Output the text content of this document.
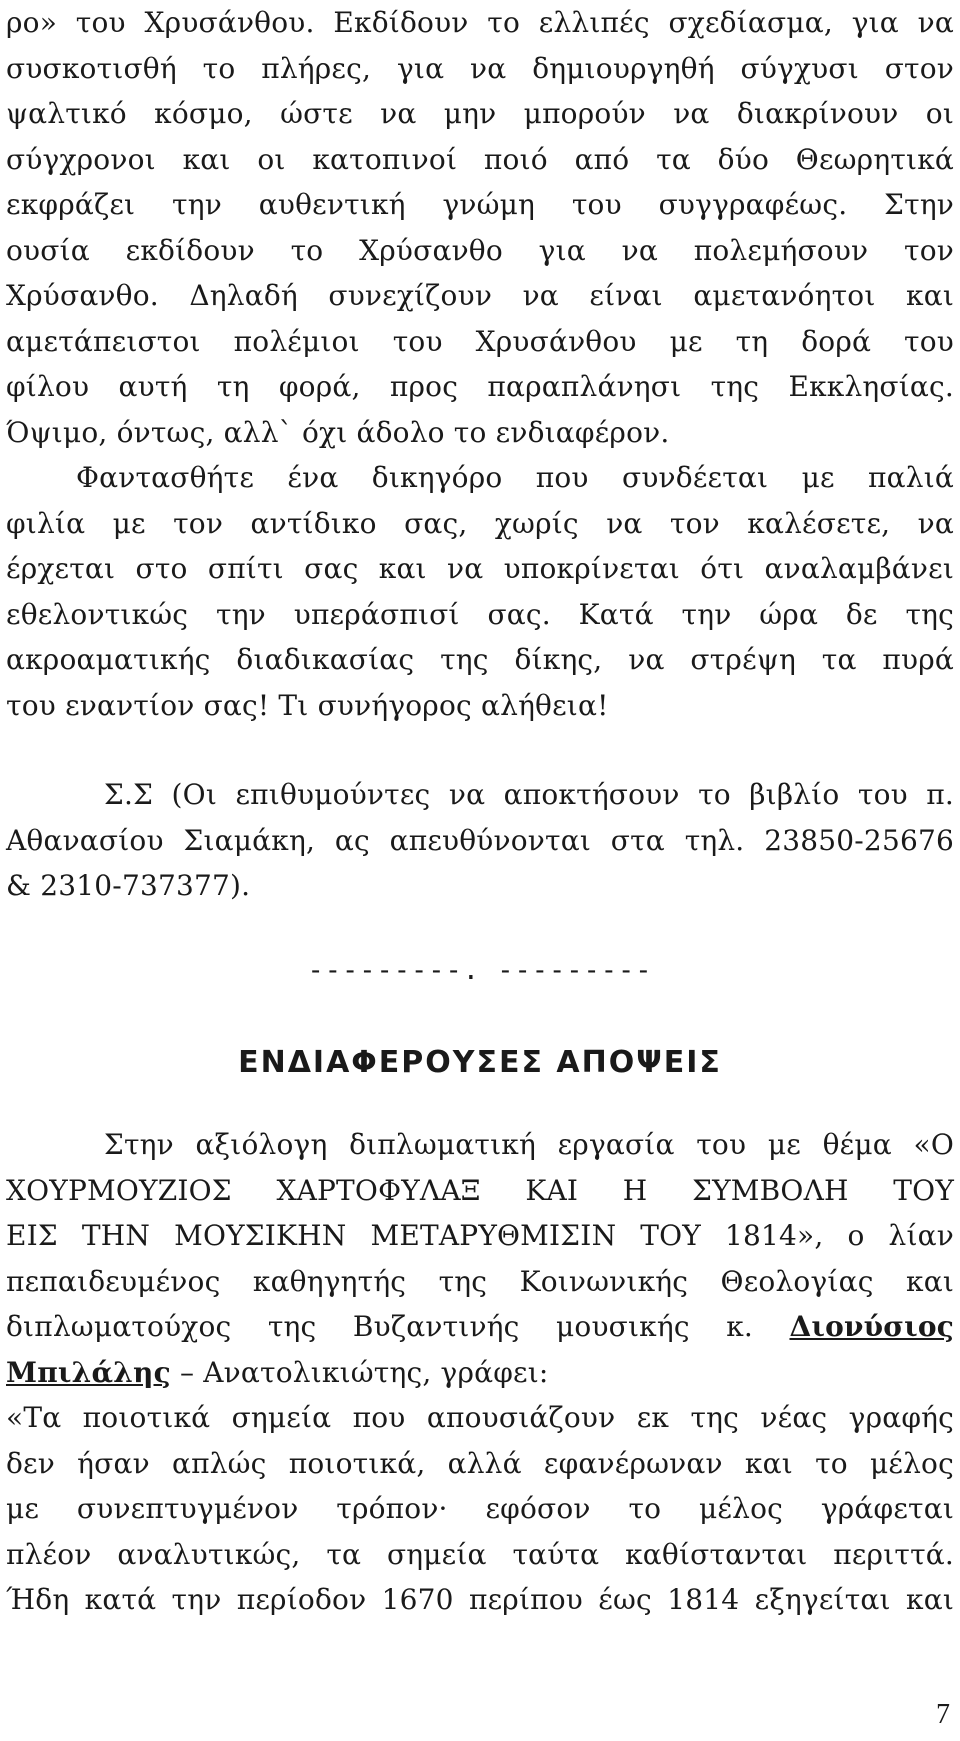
ρο» του Χρυσάνθου. Εκδίδουν το ελλιπές σχεδίασμα, για να
συσκοτισθή το πλήρες, για να δημιουργηθή σύγχυσι στον
ψαλτικό κόσμο, ώστε να μην μπορούν να διακρίνουν οι
σύγχρονοι και οι κατοπινοί ποιό από τα δύο Θεωρητικά
εκφράζει την αυθεντική γνώμη του συγγραφέως. Στην
ουσία εκδίδουν το Χρύσανθο για να πολεμήσουν τον
Χρύσανθο. Δηλαδή συνεχίζουν να είναι αμετανόητοι και
αμετάπειστοι πολέμιοι του Χρυσάνθου με τη δορά του
φίλου αυτή τη φορά, προς παραπλάνησι της Εκκλησίας.
Όψιμο, όντως, αλλ` όχι άδολο το ενδιαφέρον.
Φαντασθήτε ένα δικηγόρο που συνδέεται με παλιά
φιλία με τον αντίδικο σας, χωρίς να τον καλέσετε, να
έρχεται στο σπίτι σας και να υποκρίνεται ότι αναλαμβάνει
εθελοντικώς την υπεράσπισί σας. Κατά την ώρα δε της
ακροαματικής διαδικασίας της δίκης, να στρέψη τα πυρά
του εναντίον σας! Τι συνήγορος αλήθεια!
Σ.Σ (Οι επιθυμούντες να αποκτήσουν το βιβλίο του π.
Αθανασίου Σιαμάκη, ας απευθύνονται στα τηλ. 23850-25676
& 2310-737377).
---------. ---------
ΕΝΔΙΑΦΕΡΟΥΣΕΣ ΑΠΟΨΕΙΣ
Στην αξιόλογη διπλωματική εργασία του με θέμα «Ο
ΧΟΥΡΜΟΥΖΙΟΣ ΧΑΡΤΟΦΥΛΑΞ ΚΑΙ Η ΣΥΜΒΟΛΗ ΤΟΥ
ΕΙΣ ΤΗΝ ΜΟΥΣΙΚΗΝ ΜΕΤΑΡΥΘΜΙΣΙΝ ΤΟΥ 1814», ο λίαν
πεπαιδευμένος καθηγητής της Κοινωνικής Θεολογίας και
διπλωματούχος της Βυζαντινής μουσικής κ. Διονύσιος
Μπιλάλης – Ανατολικιώτης, γράφει:
«Τα ποιοτικά σημεία που απουσιάζουν εκ της νέας γραφής
δεν ήσαν απλώς ποιοτικά, αλλά εφανέρωναν και το μέλος
με συνεπτυγμένον τρόπον· εφόσον το μέλος γράφεται
πλέον αναλυτικώς, τα σημεία ταύτα καθίστανται περιττά.
Ήδη κατά την περίοδον 1670 περίπου έως 1814 εξηγείται και
7
